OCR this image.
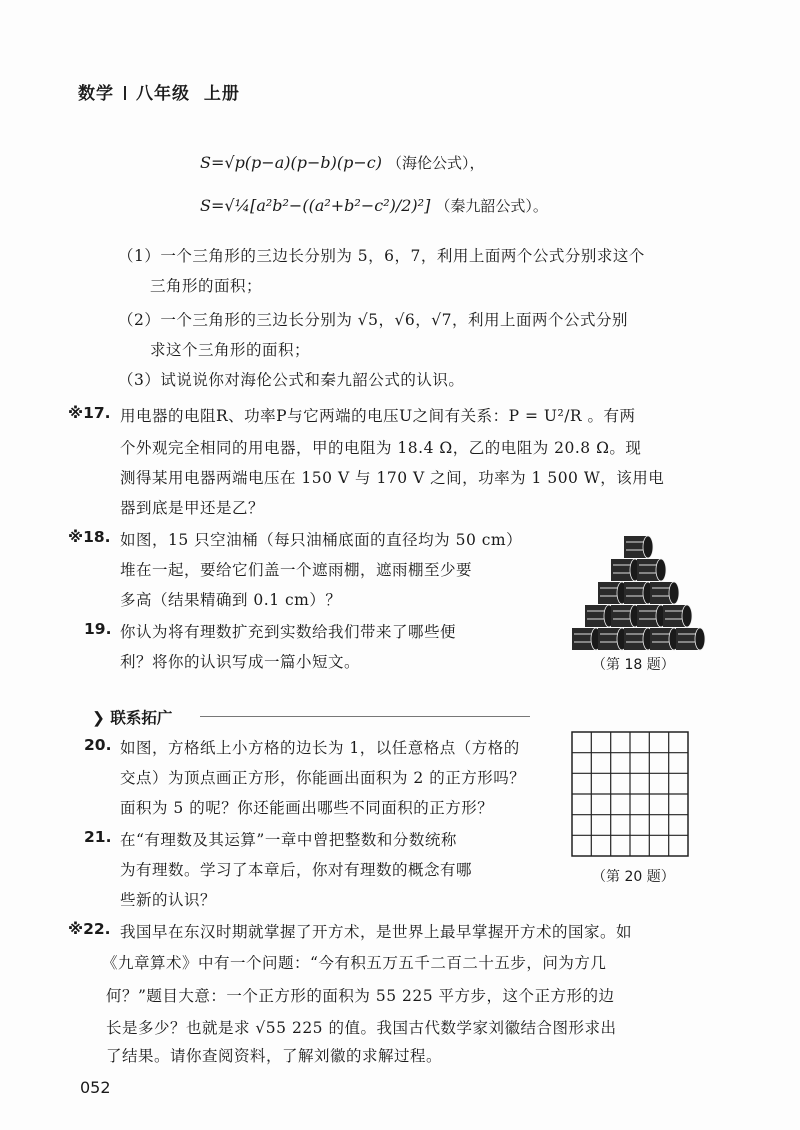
数学 八年级 上册
S=√p(p−a)(p−b)(p−c) （海伦公式），
S=√¼[a²b²−((a²+b²−c²)/2)²] （秦九韶公式）。
（1）一个三角形的三边长分别为 5，6，7，利用上面两个公式分别求这个
三角形的面积；
（2）一个三角形的三边长分别为 √5，√6，√7，利用上面两个公式分别
求这个三角形的面积；
（3）试说说你对海伦公式和秦九韶公式的认识。
※17. 用电器的电阻R、功率P与它两端的电压U之间有关系：P = U²/R 。有两
个外观完全相同的用电器，甲的电阻为 18.4 Ω，乙的电阻为 20.8 Ω。现
测得某用电器两端电压在 150 V 与 170 V 之间，功率为 1 500 W，该用电
器到底是甲还是乙？
※18. 如图，15 只空油桶（每只油桶底面的直径均为 50 cm）
堆在一起，要给它们盖一个遮雨棚，遮雨棚至少要
多高（结果精确到 0.1 cm）？
（第 18 题）
19. 你认为将有理数扩充到实数给我们带来了哪些便
利？将你的认识写成一篇小短文。
❯ 联系拓广
20. 如图，方格纸上小方格的边长为 1，以任意格点（方格的
交点）为顶点画正方形，你能画出面积为 2 的正方形吗？
面积为 5 的呢？你还能画出哪些不同面积的正方形？
（第 20 题）
21. 在“有理数及其运算”一章中曾把整数和分数统称
为有理数。学习了本章后，你对有理数的概念有哪
些新的认识？
※22. 我国早在东汉时期就掌握了开方术，是世界上最早掌握开方术的国家。如
《九章算术》中有一个问题：“今有积五万五千二百二十五步，问为方几
何？”题目大意：一个正方形的面积为 55 225 平方步，这个正方形的边
长是多少？也就是求 √55 225 的值。我国古代数学家刘徽结合图形求出
了结果。请你查阅资料，了解刘徽的求解过程。
052
